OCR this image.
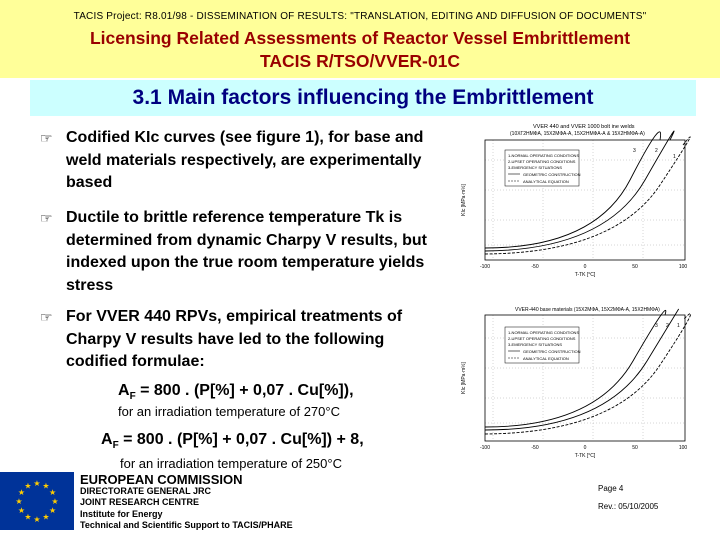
TACIS Project: R8.01/98 - DISSEMINATION OF RESULTS: "TRANSLATION, EDITING AND DIFFUSION OF DOCUMENTS"
Licensing Related Assessments of Reactor Vessel Embrittlement
TACIS R/TSO/VVER-01C
3.1 Main factors influencing the Embrittlement
☞ Codified KIc curves (see figure 1), for base and weld materials respectively, are experimentally based
☞ Ductile to brittle reference temperature Tk is determined from dynamic Charpy V results, but indexed upon the true room temperature yields stress
☞ For VVER 440 RPVs, empirical treatments of Charpy V results have led to the following codified formulae:
$A_F = 800$ . (P[%] + 0,07 . Cu[%]),
for an irradiation temperature of 270°C
$A_F = 800$ . (P[%] + 0,07 . Cu[%]) + 8,
for an irradiation temperature of 250°C
VVER 440 and VVER 1000 bolt ine welds
(10XГ2НМФА, 15Х2МФА-А, 15Х2НМФА-А & 15Х2НМФА-А)
3	2
1
1-NORMAL OPERATING CONDITIONS
2-UPSET OPERATING CONDITIONS
3-EMERGENCY SITUATIONS
GEOMETRIC CONSTRUCTION
ANALYTICAL EQUATION
KIc [MPa·m½]
-100	-50	0	50	100
T-TK [°C]
VVER-440 base materials (15Х2МФА, 15Х2МФА-А, 15Х2НМФА)
3 2 1
1-NORMAL OPERATING CONDITIONS
2-UPSET OPERATING CONDITIONS
3-EMERGENCY SITUATIONS
GEOMETRIC CONSTRUCTION
ANALYTICAL EQUATION
KIc [MPa·m½]
-100	-50	0	50	100
T-TK [°C]
★ ★
★
★
★
★
★
★
★
★
★
★	EUROPEAN COMMISSION
DIRECTORATE GENERAL JRC
JOINT RESEARCH CENTRE
Institute for Energy
Technical and Scientific Support to TACIS/PHARE
Page 4
Rev.: 05/10/2005
